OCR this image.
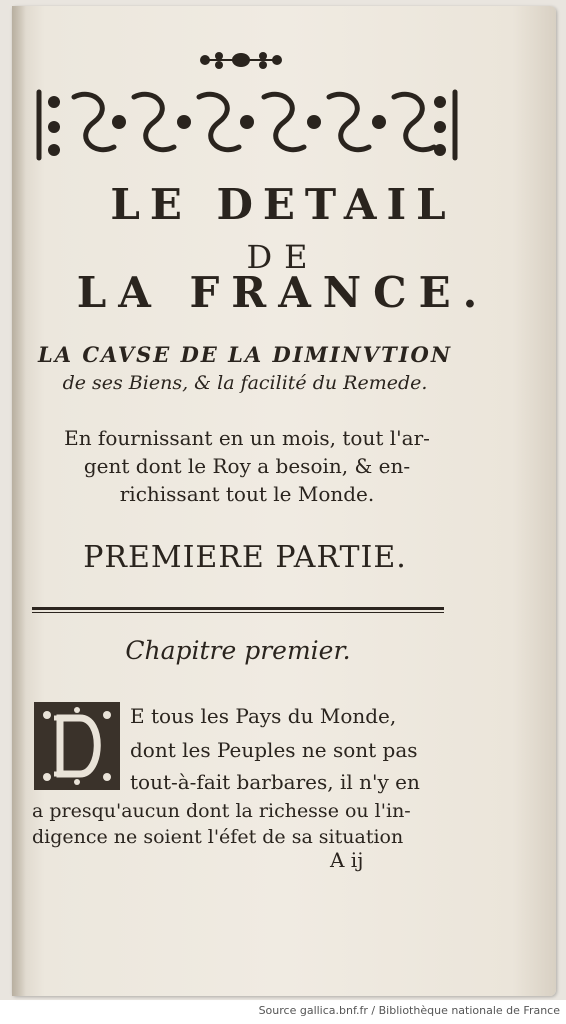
LE DETAIL
DE
LA FRANCE.
LA CAVSE DE LA DIMINVTION
de ses Biens, & la facilité du Remede.
En fournissant en un mois, tout l'ar-
gent dont le Roy a besoin, & en-
richissant tout le Monde.
PREMIERE PARTIE.
Chapitre premier.
E tous les Pays du Monde,
dont les Peuples ne sont pas
tout-à-fait barbares, il n'y en
a presqu'aucun dont la richesse ou l'in-
digence ne soient l'éfet de sa situation
A ij
Source gallica.bnf.fr / Bibliothèque nationale de France
